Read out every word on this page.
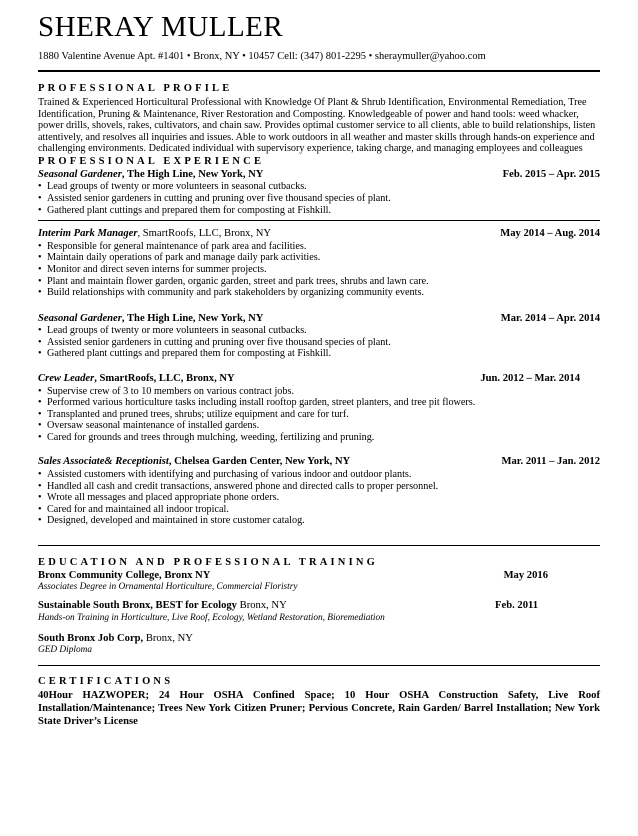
SHERAY MULLER
1880 Valentine Avenue Apt. #1401 • Bronx, NY • 10457 Cell: (347) 801-2295 • sheraymuller@yahoo.com
PROFESSIONAL PROFILE

Trained & Experienced Horticultural Professional with Knowledge Of Plant & Shrub Identification, Environmental Remediation, Tree Identification, Pruning & Maintenance, River Restoration and Composting. Knowledgeable of power and hand tools: weed whacker, power drills, shovels, rakes, cultivators, and chain saw. Provides optimal customer service to all clients, able to build relationships, listen attentively, and resolves all inquiries and issues. Able to work outdoors in all weather and master skills through hands-on experience and challenging environments. Dedicated individual with supervisory experience, taking charge, and managing employees and colleagues

PROFESSIONAL EXPERIENCE
Seasonal Gardener, The High Line, New York, NY	Feb. 2015 – Apr. 2015
• Lead groups of twenty or more volunteers in seasonal cutbacks.
• Assisted senior gardeners in cutting and pruning over five thousand species of plant.
• Gathered plant cuttings and prepared them for composting at Fishkill.
Interim Park Manager, SmartRoofs, LLC, Bronx, NY	May 2014 – Aug. 2014
• Responsible for general maintenance of park area and facilities.
• Maintain daily operations of park and manage daily park activities.
• Monitor and direct seven interns for summer projects.
• Plant and maintain flower garden, organic garden, street and park trees, shrubs and lawn care.
• Build relationships with community and park stakeholders by organizing community events.
Seasonal Gardener, The High Line, New York, NY	Mar. 2014 – Apr. 2014
• Lead groups of twenty or more volunteers in seasonal cutbacks.
• Assisted senior gardeners in cutting and pruning over five thousand species of plant.
• Gathered plant cuttings and prepared them for composting at Fishkill.
Crew Leader, SmartRoofs, LLC, Bronx, NY	Jun. 2012 – Mar. 2014
• Supervise crew of 3 to 10 members on various contract jobs.
• Performed various horticulture tasks including install rooftop garden, street planters, and tree pit flowers.
• Transplanted and pruned trees, shrubs; utilize equipment and care for turf.
• Oversaw seasonal maintenance of installed gardens.
• Cared for grounds and trees through mulching, weeding, fertilizing and pruning.
Sales Associate& Receptionist, Chelsea Garden Center, New York, NY	Mar. 2011 – Jan. 2012
• Assisted customers with identifying and purchasing of various indoor and outdoor plants.
• Handled all cash and credit transactions, answered phone and directed calls to proper personnel.
• Wrote all messages and placed appropriate phone orders.
• Cared for and maintained all indoor tropical.
• Designed, developed and maintained in store customer catalog.
EDUCATION AND PROFESSIONAL TRAINING
Bronx Community College, Bronx NY	May 2016
Associates Degree in Ornamental Horticulture, Commercial Floristry
Sustainable South Bronx, BEST for Ecology Bronx, NY	Feb. 2011
Hands-on Training in Horticulture, Live Roof, Ecology, Wetland Restoration, Bioremediation
South Bronx Job Corp, Bronx, NY
GED Diploma
CERTIFICATIONS
40Hour HAZWOPER; 24 Hour OSHA Confined Space; 10 Hour OSHA Construction Safety, Live Roof Installation/Maintenance; Trees New York Citizen Pruner; Pervious Concrete, Rain Garden/ Barrel Installation; New York State Driver’s License
